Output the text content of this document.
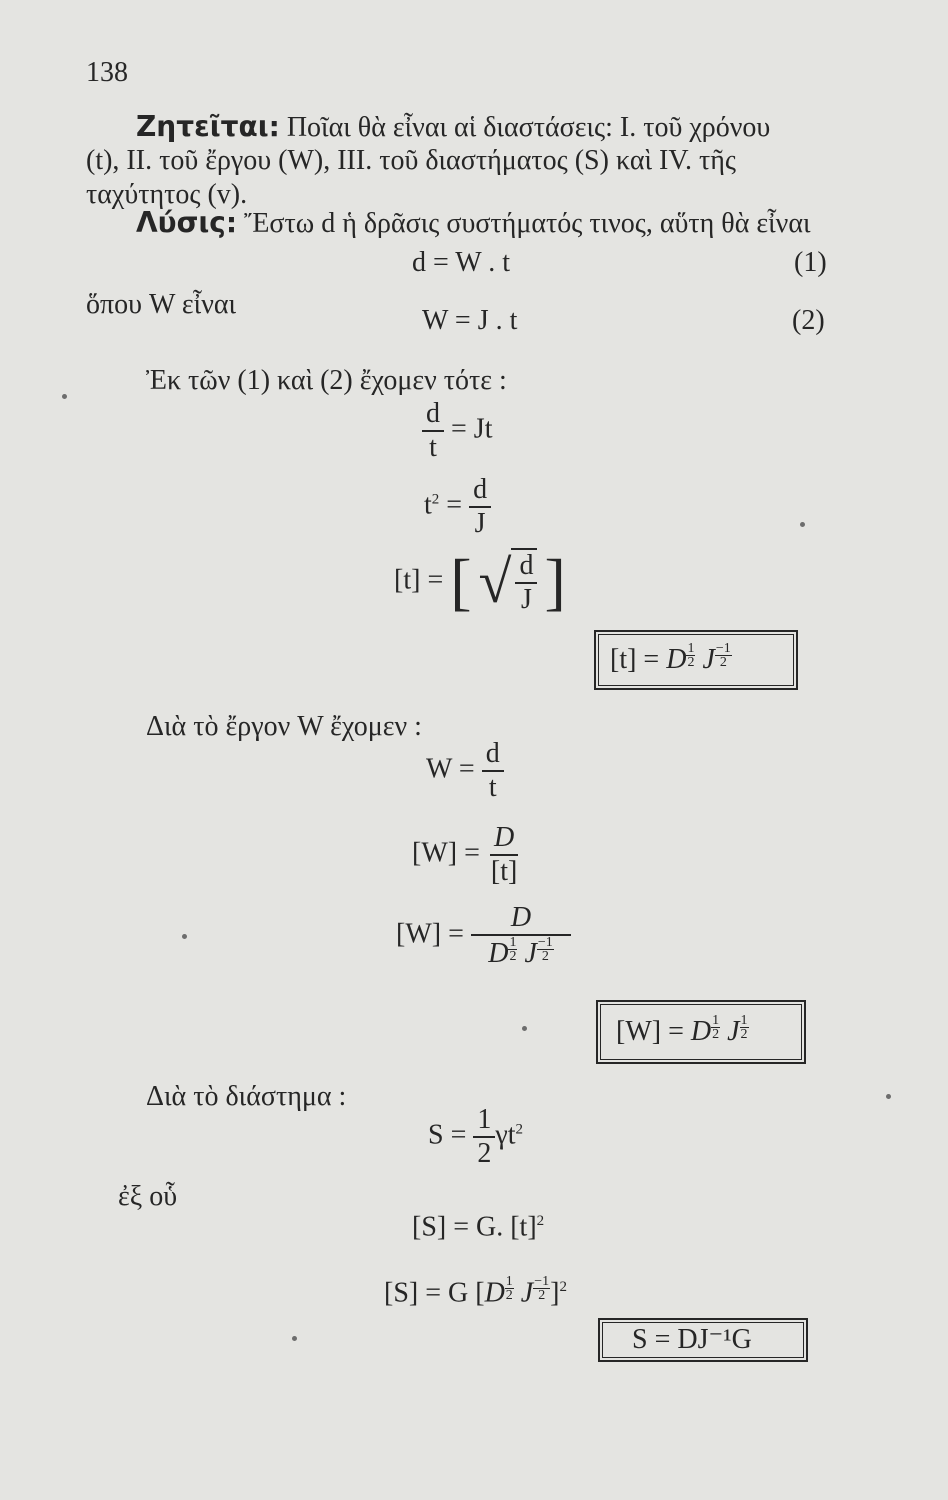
138
Ζητεῖται: Ποῖαι θὰ εἶναι αἱ διαστάσεις: I. τοῦ χρόνου
(t), II. τοῦ ἔργου (W), III. τοῦ διαστήματος (S) καὶ IV. τῆς
ταχύτητος (v).
Λύσις: Ἔστω d ἡ δρᾶσις συστήματός τινος, αὕτη θὰ εἶναι
d = W . t	(1)
ὅπου W εἶναι
W = J . t	(2)
Ἐκ τῶν (1) καὶ (2) ἔχομεν τότε :
$\frac{d}{t} = Jt$
$t^2 = \frac{d}{J}$
[t] = [ √ $\frac{d}{J}$ ]
[t] = D $\frac{1}{2}$ J $\frac{-1}{2}$
Διὰ τὸ ἔργον W ἔχομεν :
$W = \frac{d}{t}$
$[W] = \frac{D}{[t]}$
$[W] = \frac{D}{D \frac{1}{2} J \frac{-1}{2}}$
[W] = D $\frac{1}{2}$ J $\frac{1}{2}$
Διὰ τὸ διάστημα :
$S = \frac{1}{2} \gamma t^2$
ἐξ οὗ
[S] = G. $[t]^2$
[S] = G [$D \frac{1}{2}$ J $\frac{-1}{2} ]^2$
S = DJ⁻¹G
